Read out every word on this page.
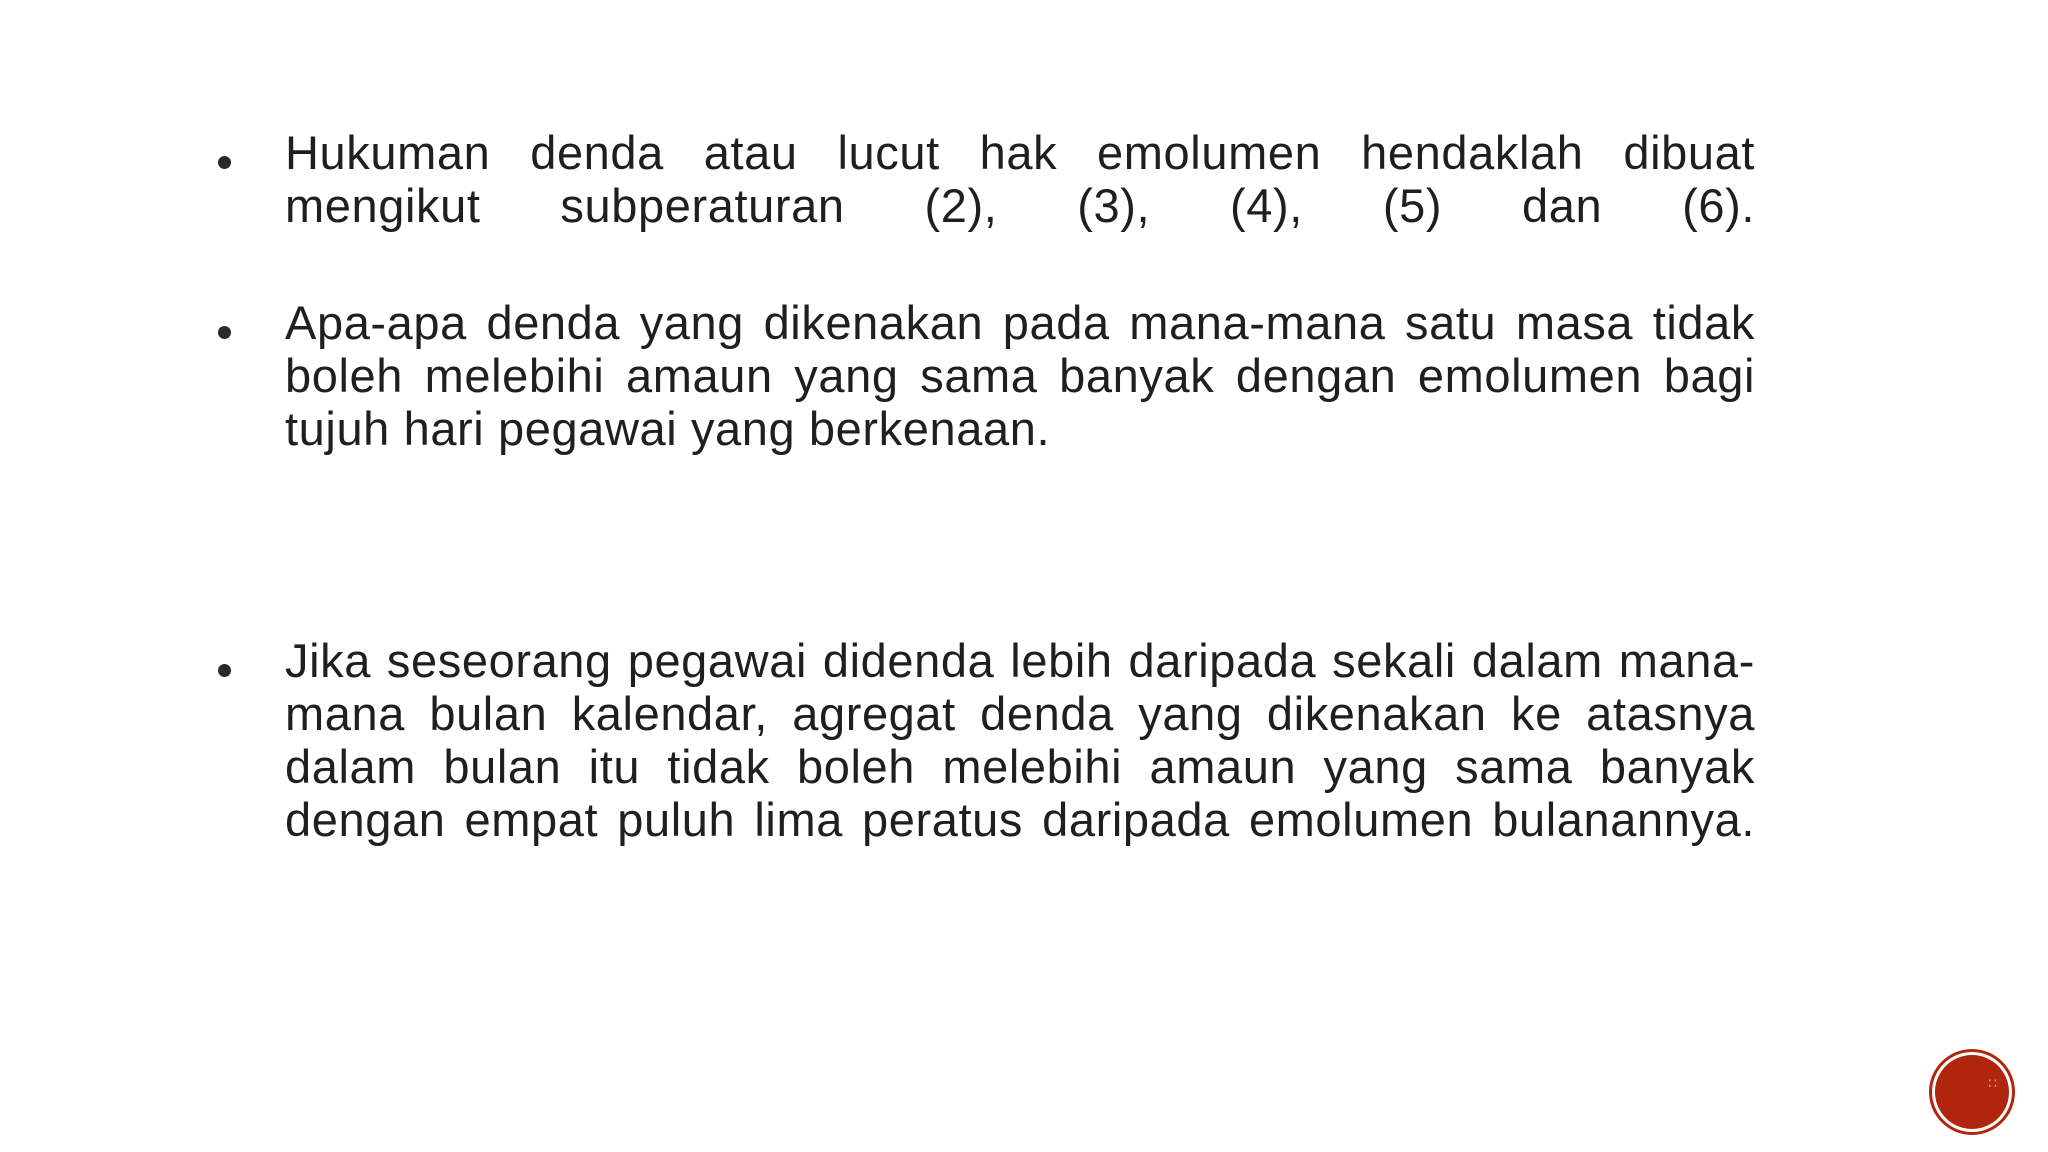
Hukuman denda atau lucut hak emolumen hendaklah dibuat mengikut subperaturan (2), (3), (4), (5) dan (6).

Apa-apa denda yang dikenakan pada mana-mana satu masa tidak boleh melebihi amaun yang sama banyak dengan emolumen bagi tujuh hari pegawai yang berkenaan.

Jika seseorang pegawai didenda lebih daripada sekali dalam mana-mana bulan kalendar, agregat denda yang dikenakan ke atasnya dalam bulan itu tidak boleh melebihi amaun yang sama banyak dengan empat puluh lima peratus daripada emolumen bulanannya.

∷
